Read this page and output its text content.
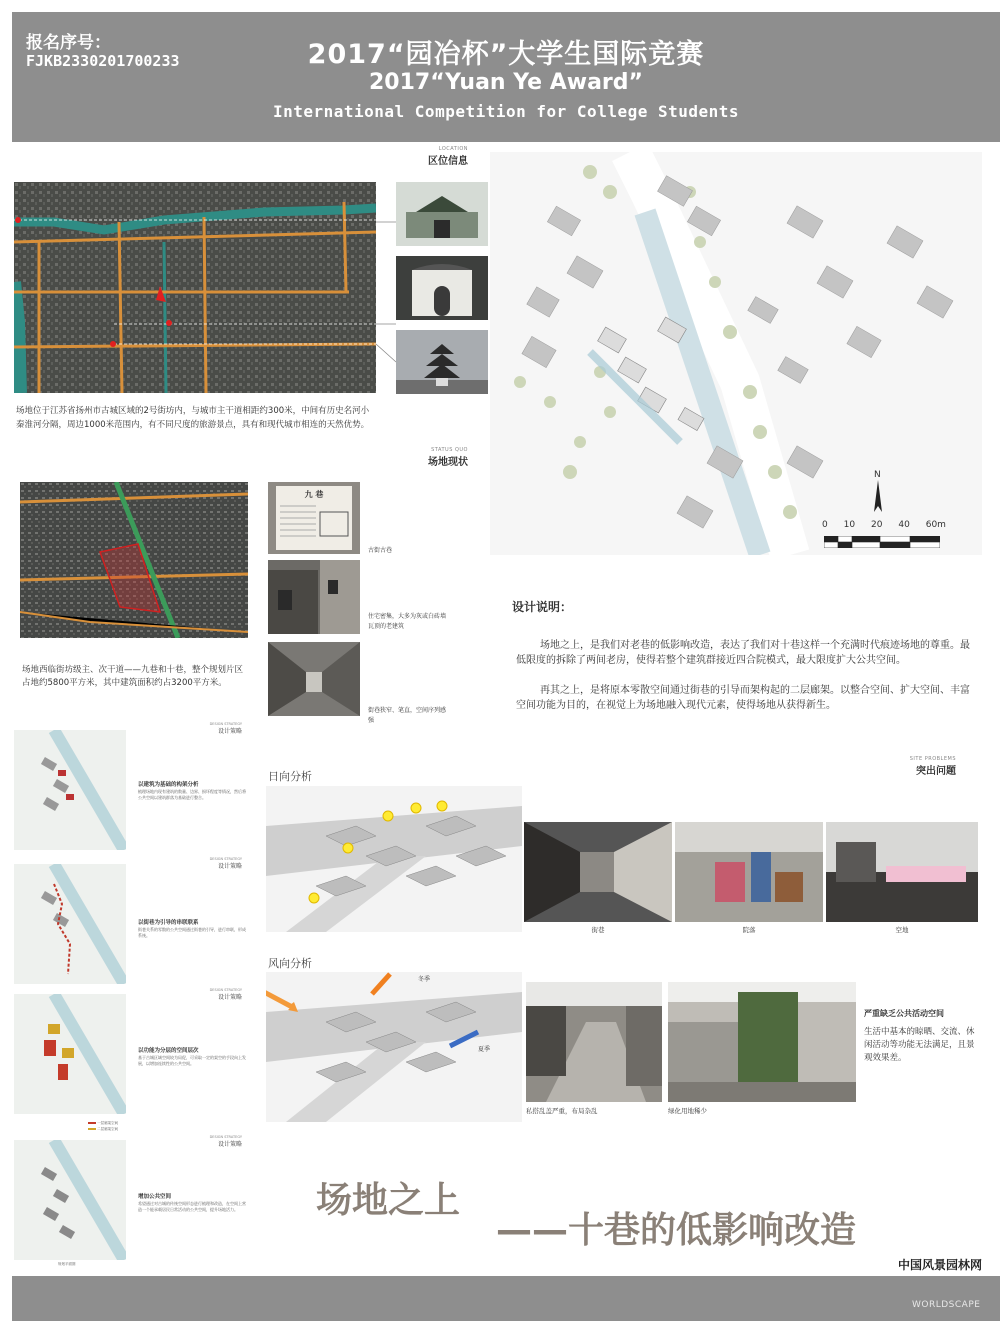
报名序号：
FJKB2330201700233	2017“园冶杯”大学生国际竞赛
2017“Yuan Ye Award”
International Competition for College Students
LOCATION
区位信息
场地位于江苏省扬州市古城区域的2号街坊内，与城市主干道相距约300米，中间有历史名河小秦淮河分隔，周边1000米范围内，有不同尺度的旅游景点，具有和现代城市相连的天然优势。
STATUS QUO
场地现状
九 巷
古街古巷
住宅密集，大多为灰或白砖墙瓦顶的老建筑
街巷狭窄、笔直，空间序列感强
场地西临街坊级主、次干道——九巷和十巷，整个规划片区占地约5800平方米，其中建筑面积约占3200平方米。
N
0 10 20 40 60m
设计说明：
场地之上，是我们对老巷的低影响改造，表达了我们对十巷这样一个充满时代痕迹场地的尊重。最低限度的拆除了两间老房，使得若整个建筑群接近四合院模式，最大限度扩大公共空间。
再其之上，是将原本零散空间通过街巷的引导而架构起的二层廊架。以整合空间、扩大空间、丰富空间功能为目的，在视觉上为场地融入现代元素，使得场地从获得新生。
DESIGN STRATEGY
设计策略
以建筑为基础的构架分析
梳理场地内现有建筑的数量、边界、损坏程度等情况，然后将公共空间以建筑群落为基础进行整合。
DESIGN STRATEGY
设计策略
以街巷为引导的串联联系
街巷关系的零散的公共空间通过街巷的引导，进行串联，形成系统。
DESIGN STRATEGY
设计策略
以功能为分层的空间层次
基于古城区域空间较为局促，可采取一定的架空的手段向上发展，以增加连续性的公共空间。
一层廊架空间
二层廊架空间
DESIGN STRATEGY
设计策略
增加公共空间
希望通过对古城的传统空间形态进行梳理和改造，在空间上营造一个能承载居民日常活动的公共空间，提升场地活力。
规划平面图
日向分析
风向分析
冬季
夏季
SITE PROBLEMS
突出问题
街巷	院落	空地
私搭乱盖严重，布局杂乱	绿化用地稀少
严重缺乏公共活动空间
生活中基本的晾晒、交流、休闲活动等功能无法满足，且景观效果差。
场地之上
——十巷的低影响改造
中国风景园林网
WORLDSCAPE
